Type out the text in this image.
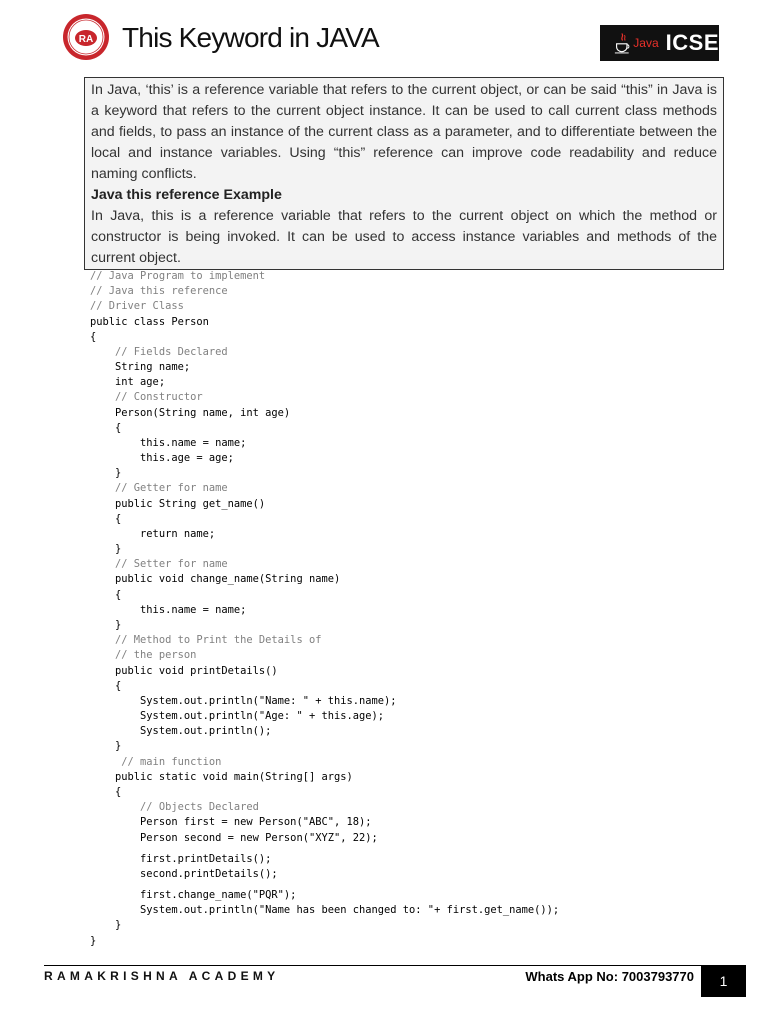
RA This Keyword in JAVA	Java ICSE

In Java, ‘this’ is a reference variable that refers to the current object, or can be said “this” in Java is a keyword that refers to the current object instance. It can be used to call current class methods and fields, to pass an instance of the current class as a parameter, and to differentiate between the local and instance variables. Using “this” reference can improve code readability and reduce naming conflicts.

Java this reference Example

In Java, this is a reference variable that refers to the current object on which the method or constructor is being invoked. It can be used to access instance variables and methods of the current object.

// Java Program to implement
// Java this reference
// Driver Class
public class Person
{
// Fields Declared
String name;
int age;
// Constructor
Person(String name, int age)
{
this.name = name;
this.age = age;
}
// Getter for name
public String get_name()
{
return name;
}
// Setter for name
public void change_name(String name)
{
this.name = name;
}
// Method to Print the Details of
// the person
public void printDetails()
{
System.out.println("Name: " + this.name);
System.out.println("Age: " + this.age);
System.out.println();
}
// main function
public static void main(String[] args)
{
// Objects Declared
Person first = new Person("ABC", 18);
Person second = new Person("XYZ", 22);
first.printDetails();
second.printDetails();
first.change_name("PQR");
System.out.println("Name has been changed to: "+ first.get_name());
}
}
RAMAKRISHNA ACADEMY	Whats App No: 7003793770	1
